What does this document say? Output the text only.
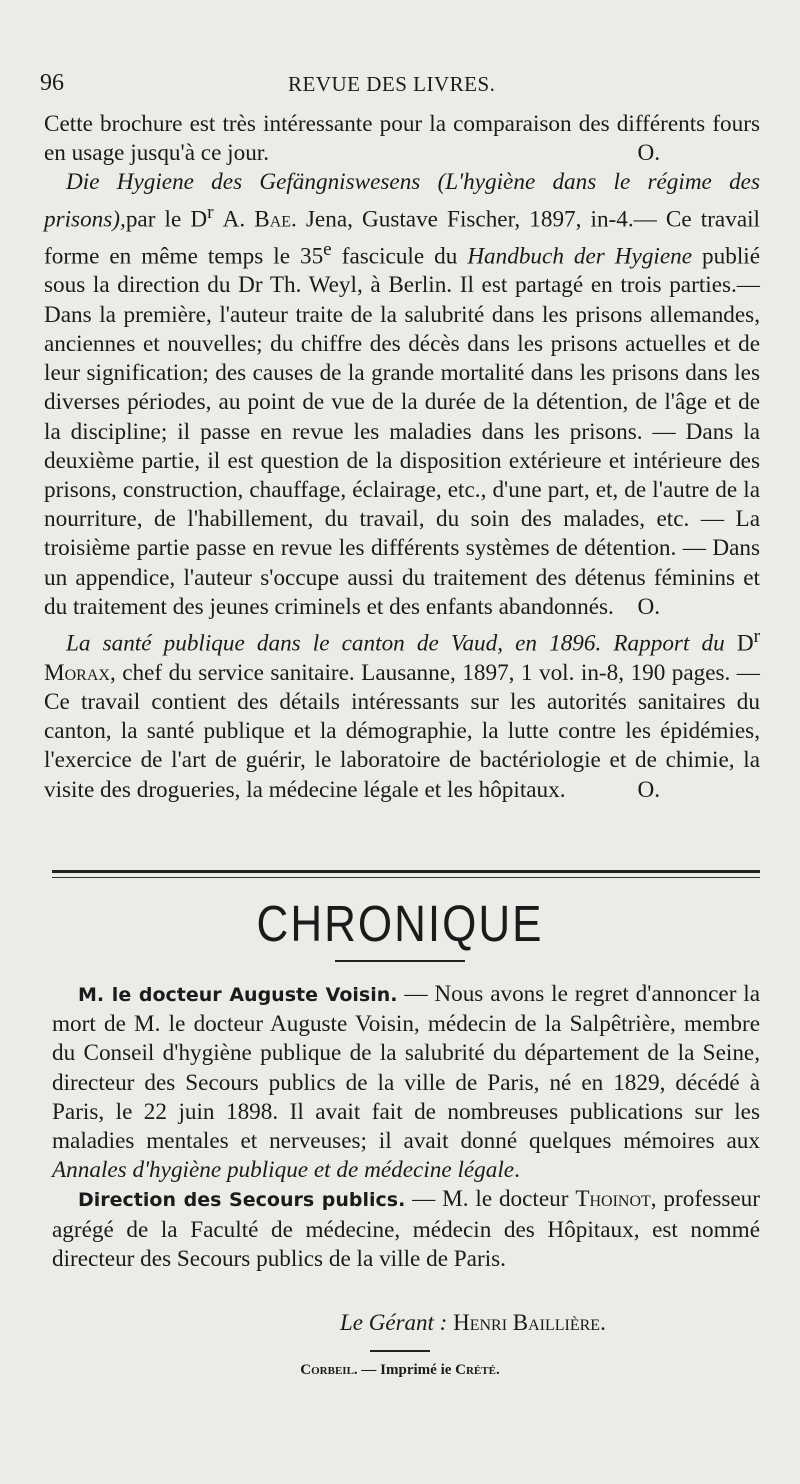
96	REVUE DES LIVRES.

Cette brochure est très intéressante pour la comparaison des différents fours en usage jusqu'à ce jour.	O.

Die Hygiene des Gefängniswesens (L'hygiène dans le régime des prisons),par le $D^r$ A. Bae. Jena, Gustave Fischer, 1897, in-4.— Ce travail forme en même temps le 35e fascicule du Handbuch der Hygiene publié sous la direction du Dr Th. Weyl, à Berlin. Il est partagé en trois parties.— Dans la première, l'auteur traite de la salubrité dans les prisons allemandes, anciennes et nouvelles; du chiffre des décès dans les prisons actuelles et de leur signification; des causes de la grande mortalité dans les prisons dans les diverses périodes, au point de vue de la durée de la détention, de l'âge et de la discipline; il passe en revue les maladies dans les prisons. — Dans la deuxième partie, il est question de la disposition extérieure et intérieure des prisons, construction, chauffage, éclairage, etc., d'une part, et, de l'autre de la nourriture, de l'habillement, du travail, du soin des malades, etc. — La troisième partie passe en revue les différents systèmes de détention. — Dans un appendice, l'auteur s'occupe aussi du traitement des détenus féminins et du traitement des jeunes criminels et des enfants abandonnés.	O.

La santé publique dans le canton de Vaud, en 1896. Rapport du $D^r$ Morax, chef du service sanitaire. Lausanne, 1897, 1 vol. in-8, 190 pages. — Ce travail contient des détails intéressants sur les autorités sanitaires du canton, la santé publique et la démographie, la lutte contre les épidémies, l'exercice de l'art de guérir, le laboratoire de bactériologie et de chimie, la visite des drogueries, la médecine légale et les hôpitaux.	O.

CHRONIQUE

M. le docteur Auguste Voisin. — Nous avons le regret d'annoncer la mort de M. le docteur Auguste Voisin, médecin de la Salpêtrière, membre du Conseil d'hygiène publique de la salubrité du département de la Seine, directeur des Secours publics de la ville de Paris, né en 1829, décédé à Paris, le 22 juin 1898. Il avait fait de nombreuses publications sur les maladies mentales et nerveuses; il avait donné quelques mémoires aux Annales d'hygiène publique et de médecine légale.

Direction des Secours publics. — M. le docteur Thoinot, professeur agrégé de la Faculté de médecine, médecin des Hôpitaux, est nommé directeur des Secours publics de la ville de Paris.

Le Gérant : Henri Baillière.
Corbeil. — Imprimé ie Crété.
